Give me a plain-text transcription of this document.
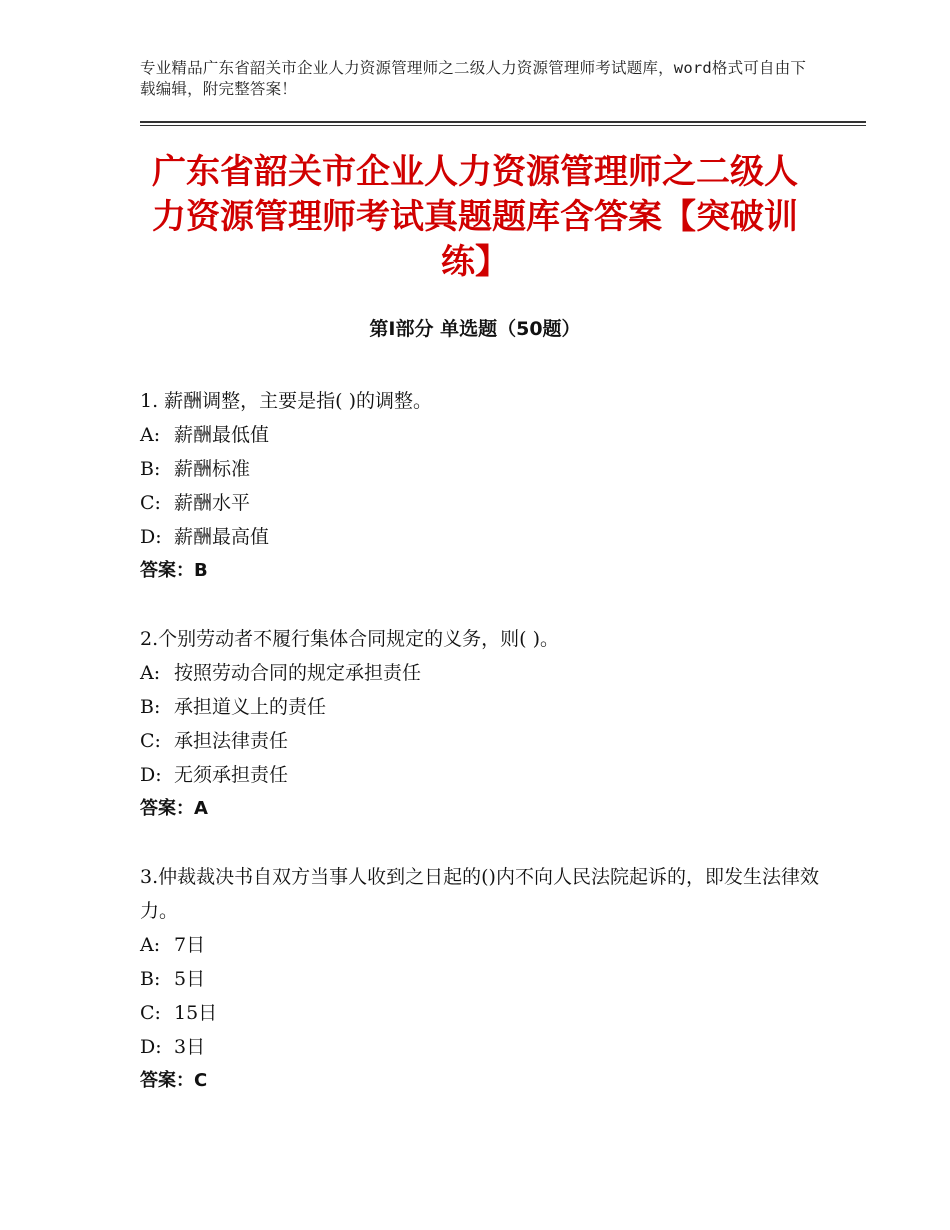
专业精品广东省韶关市企业人力资源管理师之二级人力资源管理师考试题库，word格式可自由下载编辑，附完整答案！
广东省韶关市企业人力资源管理师之二级人力资源管理师考试真题题库含答案【突破训练】
第Ⅰ部分 单选题（50题）
1. 薪酬调整，主要是指( )的调整。
A: 薪酬最低值
B: 薪酬标准
C: 薪酬水平
D: 薪酬最高值
答案：B
2.个别劳动者不履行集体合同规定的义务，则( )。
A: 按照劳动合同的规定承担责任
B: 承担道义上的责任
C: 承担法律责任
D: 无须承担责任
答案：A
3.仲裁裁决书自双方当事人收到之日起的()内不向人民法院起诉的，即发生法律效力。
A: 7日
B: 5日
C: 15日
D: 3日
答案：C
